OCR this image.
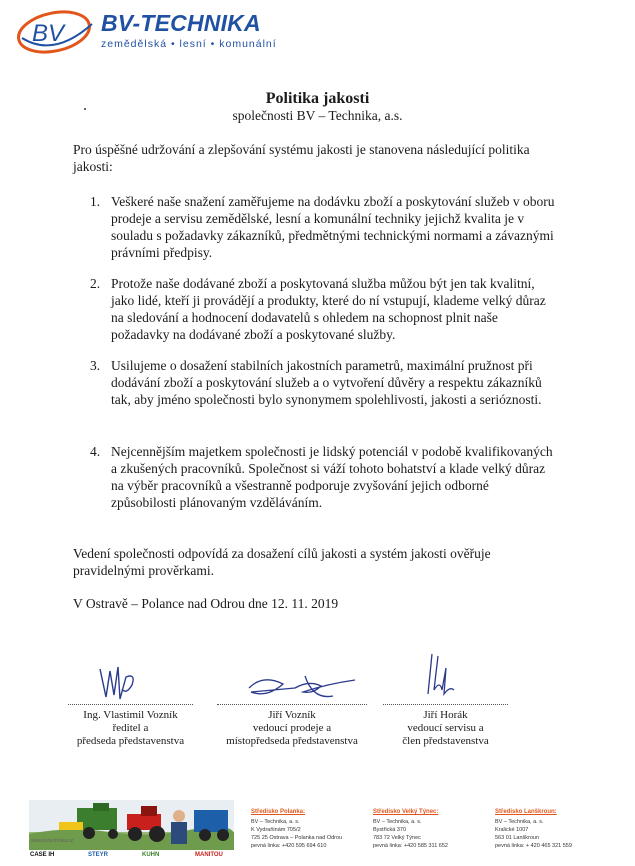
BV BV-TECHNIKA
zemědělská • lesní • komunální
Politika jakosti
společnosti BV – Technika, a.s.
Pro úspěšné udržování a zlepšování systému jakosti je stanovena následující politika jakosti:
1. Veškeré naše snažení zaměřujeme na dodávku zboží a poskytování služeb v oboru prodeje a servisu zemědělské, lesní a komunální techniky jejichž kvalita je v souladu s požadavky zákazníků, předmětnými technickými normami a závaznými právními předpisy.
2. Protože naše dodávané zboží a poskytovaná služba můžou být jen tak kvalitní, jako lidé, kteří ji provádějí a produkty, které do ní vstupují, klademe velký důraz na sledování a hodnocení dodavatelů s ohledem na schopnost plnit naše požadavky na dodávané zboží a poskytované služby.
3. Usilujeme o dosažení stabilních jakostních parametrů, maximální pružnost při dodávání zboží a poskytování služeb a o vytvoření důvěry a respektu zákazníků tak, aby jméno společnosti bylo synonymem spolehlivosti, jakosti a serióznosti.
4. Nejcennějším majetkem společnosti je lidský potenciál v podobě kvalifikovaných a zkušených pracovníků. Společnost si váží tohoto bohatství a klade velký důraz na výběr pracovníků a všestranně podporuje zvyšování jejich odborné způsobilosti plánovaným vzděláváním.
Vedení společnosti odpovídá za dosažení cílů jakosti a systém jakosti ověřuje pravidelnými prověrkami.
V Ostravě – Polance nad Odrou dne 12. 11. 2019
Ing. Vlastimil Vozník
ředitel a
předseda představenstva
Jiří Vozník
vedoucí prodeje a
místopředseda představenstva
Jiří Horák
vedoucí servisu a
člen představenstva
www.bvtechnika.cz
CASE IH	STEYR	KUHN	MANITOU
Středisko Polanka:
BV – Technika, a. s.
K Vydraňinám 705/2
725 25 Ostrava – Polanka nad Odrou
pevná linka: +420 595 694 610
Středisko Velký Týnec:
BV – Technika, a. s.
Bystřická 370
783 72 Velký Týnec
pevná linka: +420 585 311 652
Středisko Lanškroun:
BV – Technika, a. s.
Kralické 1007
563 01 Lanškroun
pevná linka: + 420 465 321 559
